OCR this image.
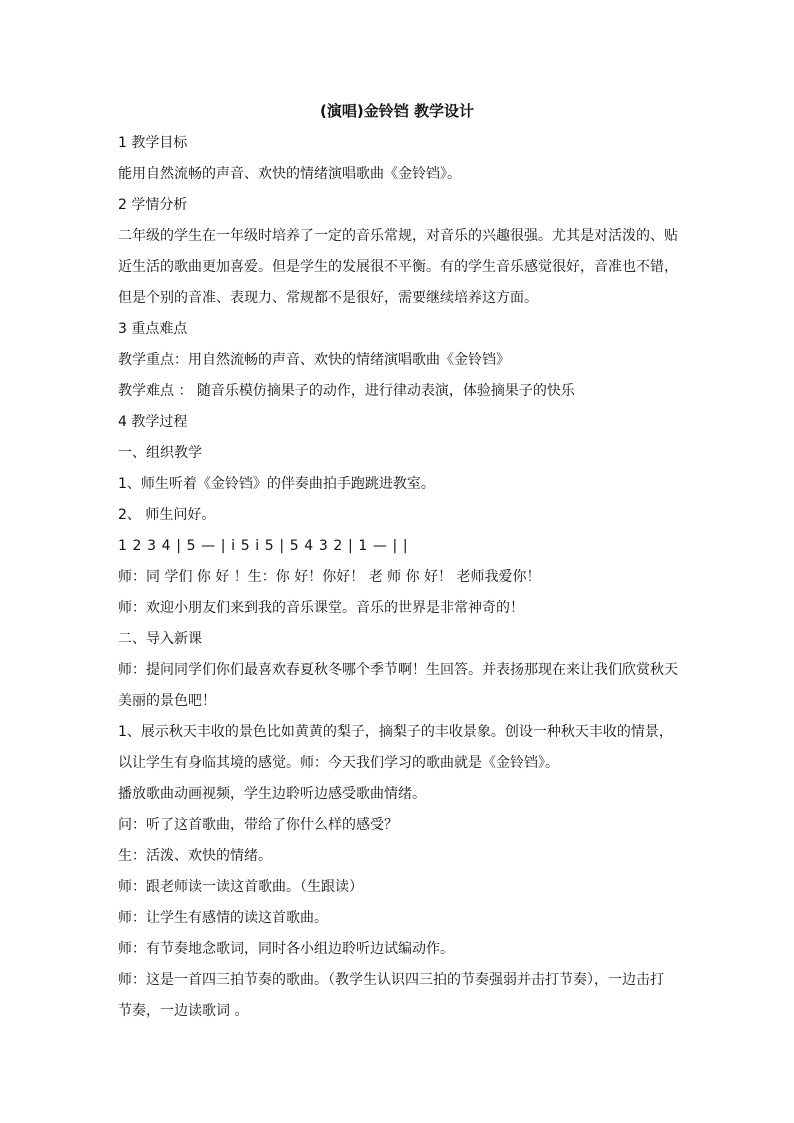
(演唱)金铃铛 教学设计
1 教学目标
能用自然流畅的声音、欢快的情绪演唱歌曲《金铃铛》。
2 学情分析
二年级的学生在一年级时培养了一定的音乐常规，对音乐的兴趣很强。尤其是对活泼的、贴
近生活的歌曲更加喜爱。但是学生的发展很不平衡。有的学生音乐感觉很好，音准也不错，
但是个别的音准、表现力、常规都不是很好，需要继续培养这方面。
3 重点难点
教学重点：用自然流畅的声音、欢快的情绪演唱歌曲《金铃铛》
教学难点 ： 随音乐模仿摘果子的动作，进行律动表演，体验摘果子的快乐
4 教学过程
一、组织教学
1、师生听着《金铃铛》的伴奏曲拍手跑跳进教室。
2、 师生问好。
1 2 3 4 | 5 — | i 5 i 5 | 5 4 3 2 | 1 — | |
师：同 学们 你 好 ！生：你 好！你好！ 老 师 你 好！ 老师我爱你！
师：欢迎小朋友们来到我的音乐课堂。音乐的世界是非常神奇的！
二、导入新课
师：提问同学们你们最喜欢春夏秋冬哪个季节啊！生回答。并表扬那现在来让我们欣赏秋天
美丽的景色吧！
1、展示秋天丰收的景色比如黄黄的梨子，摘梨子的丰收景象。创设一种秋天丰收的情景，
以让学生有身临其境的感觉。师：今天我们学习的歌曲就是《金铃铛》。
播放歌曲动画视频，学生边聆听边感受歌曲情绪。
问：听了这首歌曲，带给了你什么样的感受？
生：活泼、欢快的情绪。
师：跟老师读一读这首歌曲。（生跟读）
师：让学生有感情的读这首歌曲。
师：有节奏地念歌词，同时各小组边聆听边试编动作。
师：这是一首四三拍节奏的歌曲。（教学生认识四三拍的节奏强弱并击打节奏），一边击打
节奏，一边读歌词 。
